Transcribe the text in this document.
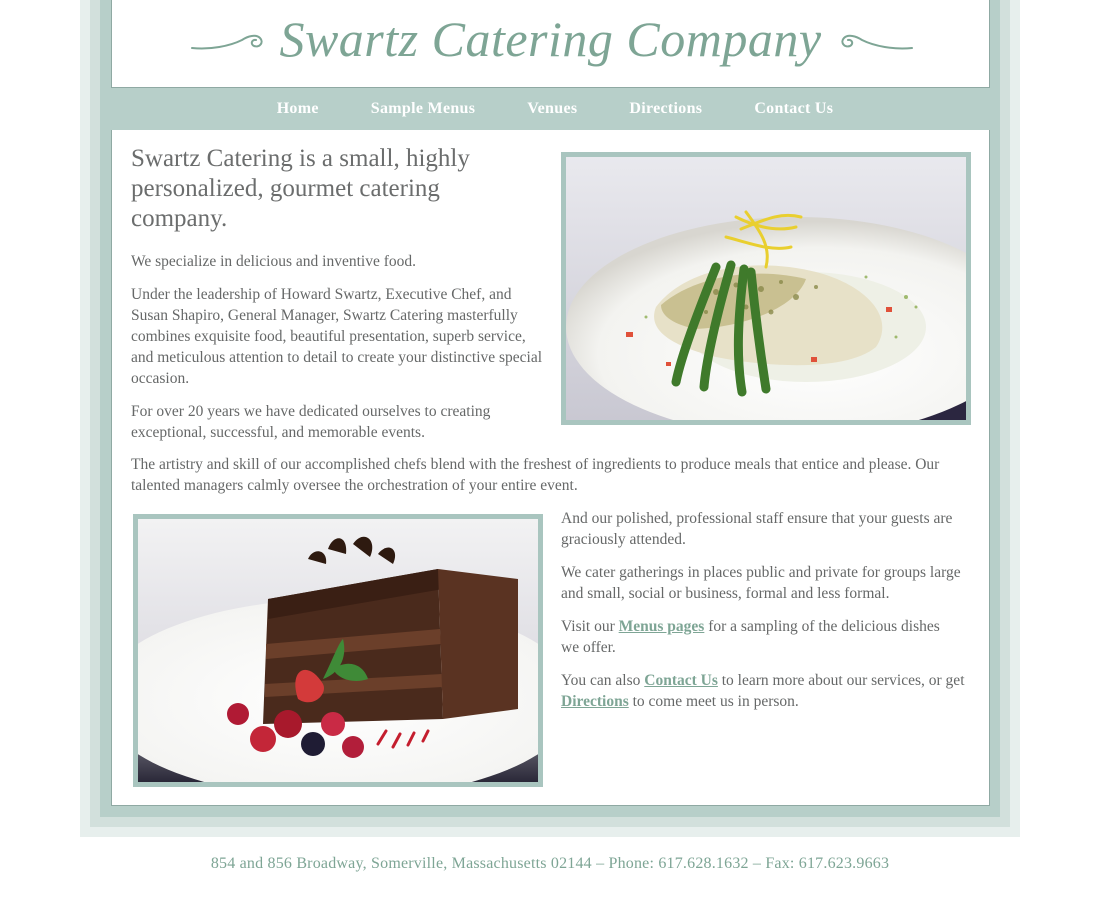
Swartz Catering Company
Home	Sample Menus	Venues	Directions	Contact Us
Swartz Catering is a small, highly personalized, gourmet catering company.

We specialize in delicious and inventive food.

Under the leadership of Howard Swartz, Executive Chef, and Susan Shapiro, General Manager, Swartz Catering masterfully combines exquisite food, beautiful presentation, superb service, and meticulous attention to detail to create your distinctive special occasion.

For over 20 years we have dedicated ourselves to creating exceptional, successful, and memorable events.

The artistry and skill of our accomplished chefs blend with the freshest of ingredients to produce meals that entice and please. Our talented managers calmly oversee the orchestration of your entire event.

And our polished, professional staff ensure that your guests are graciously attended.

We cater gatherings in places public and private for groups large and small, social or business, formal and less formal.

Visit our Menus pages for a sampling of the delicious dishes we offer.

You can also Contact Us to learn more about our services, or get Directions to come meet us in person.

854 and 856 Broadway, Somerville, Massachusetts 02144 – Phone: 617.628.1632 – Fax: 617.623.9663
